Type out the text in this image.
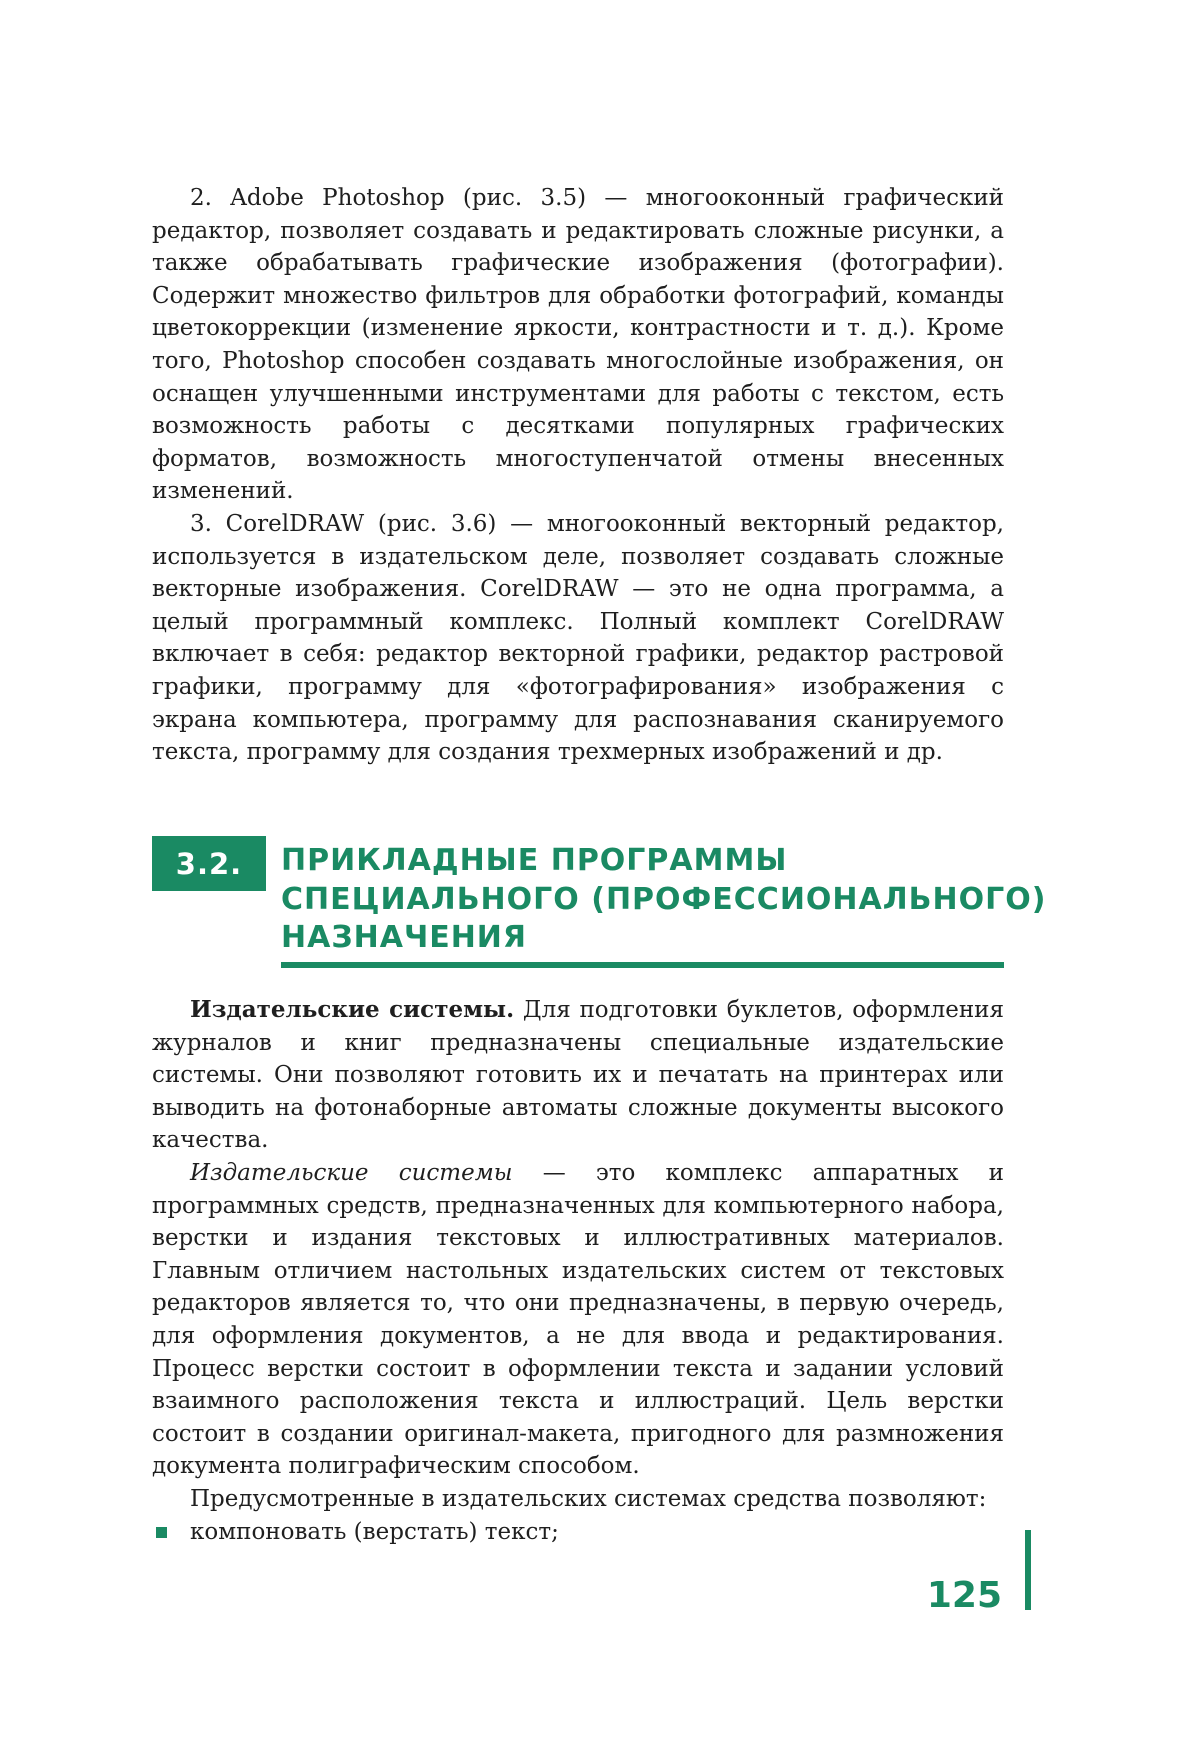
2. Adobe Photoshop (рис. 3.5) — многооконный графический редактор, позволяет создавать и редактировать сложные рисунки, а также обрабатывать графические изображения (фотографии). Содержит множество фильтров для обработки фотографий, команды цветокоррекции (изменение яркости, контрастности и т. д.). Кроме того, Photoshop способен создавать многослойные изображения, он оснащен улучшенными инструментами для работы с текстом, есть возможность работы с десятками популярных графических форматов, возможность многоступенчатой отмены внесенных изменений.

3. CorelDRAW (рис. 3.6) — многооконный векторный редактор, используется в издательском деле, позволяет создавать сложные векторные изображения. CorelDRAW — это не одна программа, а целый программный комплекс. Полный комплект CorelDRAW включает в себя: редактор векторной графики, редактор растровой графики, программу для «фотографирования» изображения с экрана компьютера, программу для распознавания сканируемого текста, программу для создания трехмерных изображений и др.

3.2.	ПРИКЛАДНЫЕ ПРОГРАММЫ
СПЕЦИАЛЬНОГО (ПРОФЕССИОНАЛЬНОГО)
НАЗНАЧЕНИЯ

Издательские системы. Для подготовки буклетов, оформления журналов и книг предназначены специальные издательские системы. Они позволяют готовить их и печатать на принтерах или выводить на фотонаборные автоматы сложные документы высокого качества.

Издательские системы — это комплекс аппаратных и программных средств, предназначенных для компьютерного набора, верстки и издания текстовых и иллюстративных материалов. Главным отличием настольных издательских систем от текстовых редакторов является то, что они предназначены, в первую очередь, для оформления документов, а не для ввода и редактирования. Процесс верстки состоит в оформлении текста и задании условий взаимного расположения текста и иллюстраций. Цель верстки состоит в создании оригинал-макета, пригодного для размножения документа полиграфическим способом.

Предусмотренные в издательских системах средства позволяют:

компоновать (верстать) текст;

125
